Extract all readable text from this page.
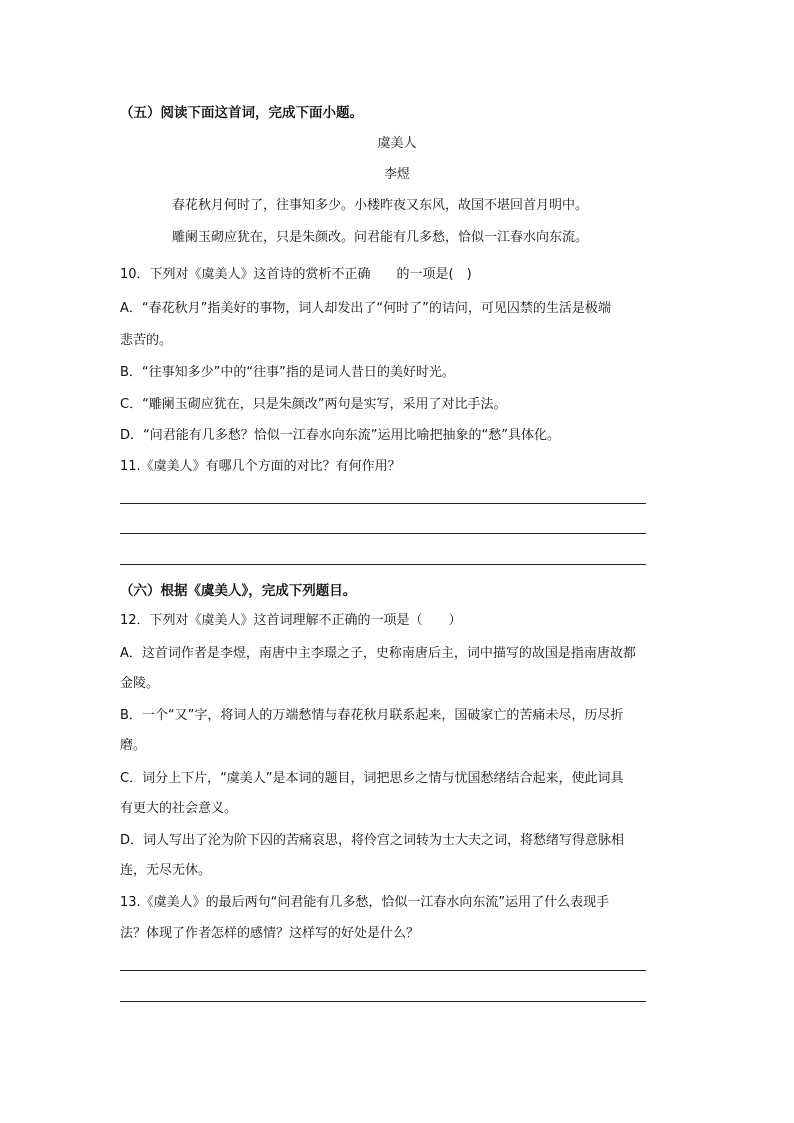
（五）阅读下面这首词，完成下面小题。
虞美人
李煜
春花秋月何时了，往事知多少。小楼昨夜又东风，故国不堪回首月明中。
雕阑玉砌应犹在，只是朱颜改。问君能有几多愁，恰似一江春水向东流。
10．下列对《虞美人》这首诗的赏析不正确　　的一项是(　)
A．“春花秋月”指美好的事物，词人却发出了“何时了”的诘问，可见囚禁的生活是极端
悲苦的。
B．“往事知多少”中的“往事”指的是词人昔日的美好时光。
C．“雕阑玉砌应犹在，只是朱颜改”两句是实写，采用了对比手法。
D．“问君能有几多愁？恰似一江春水向东流”运用比喻把抽象的“愁”具体化。
11.《虞美人》有哪几个方面的对比？有何作用？
（六）根据《虞美人》，完成下列题目。
12．下列对《虞美人》这首词理解不正确的一项是（　　）
A．这首词作者是李煜，南唐中主李璟之子，史称南唐后主，词中描写的故国是指南唐故都
金陵。
B．一个“又”字，将词人的万端愁情与春花秋月联系起来，国破家亡的苦痛未尽，历尽折
磨。
C．词分上下片，“虞美人”是本词的题目，词把思乡之情与忧国愁绪结合起来，使此词具
有更大的社会意义。
D．词人写出了沦为阶下囚的苦痛哀思，将伶宫之词转为士大夫之词，将愁绪写得意脉相
连，无尽无休。
13.《虞美人》的最后两句“问君能有几多愁，恰似一江春水向东流”运用了什么表现手
法？体现了作者怎样的感情？这样写的好处是什么？
